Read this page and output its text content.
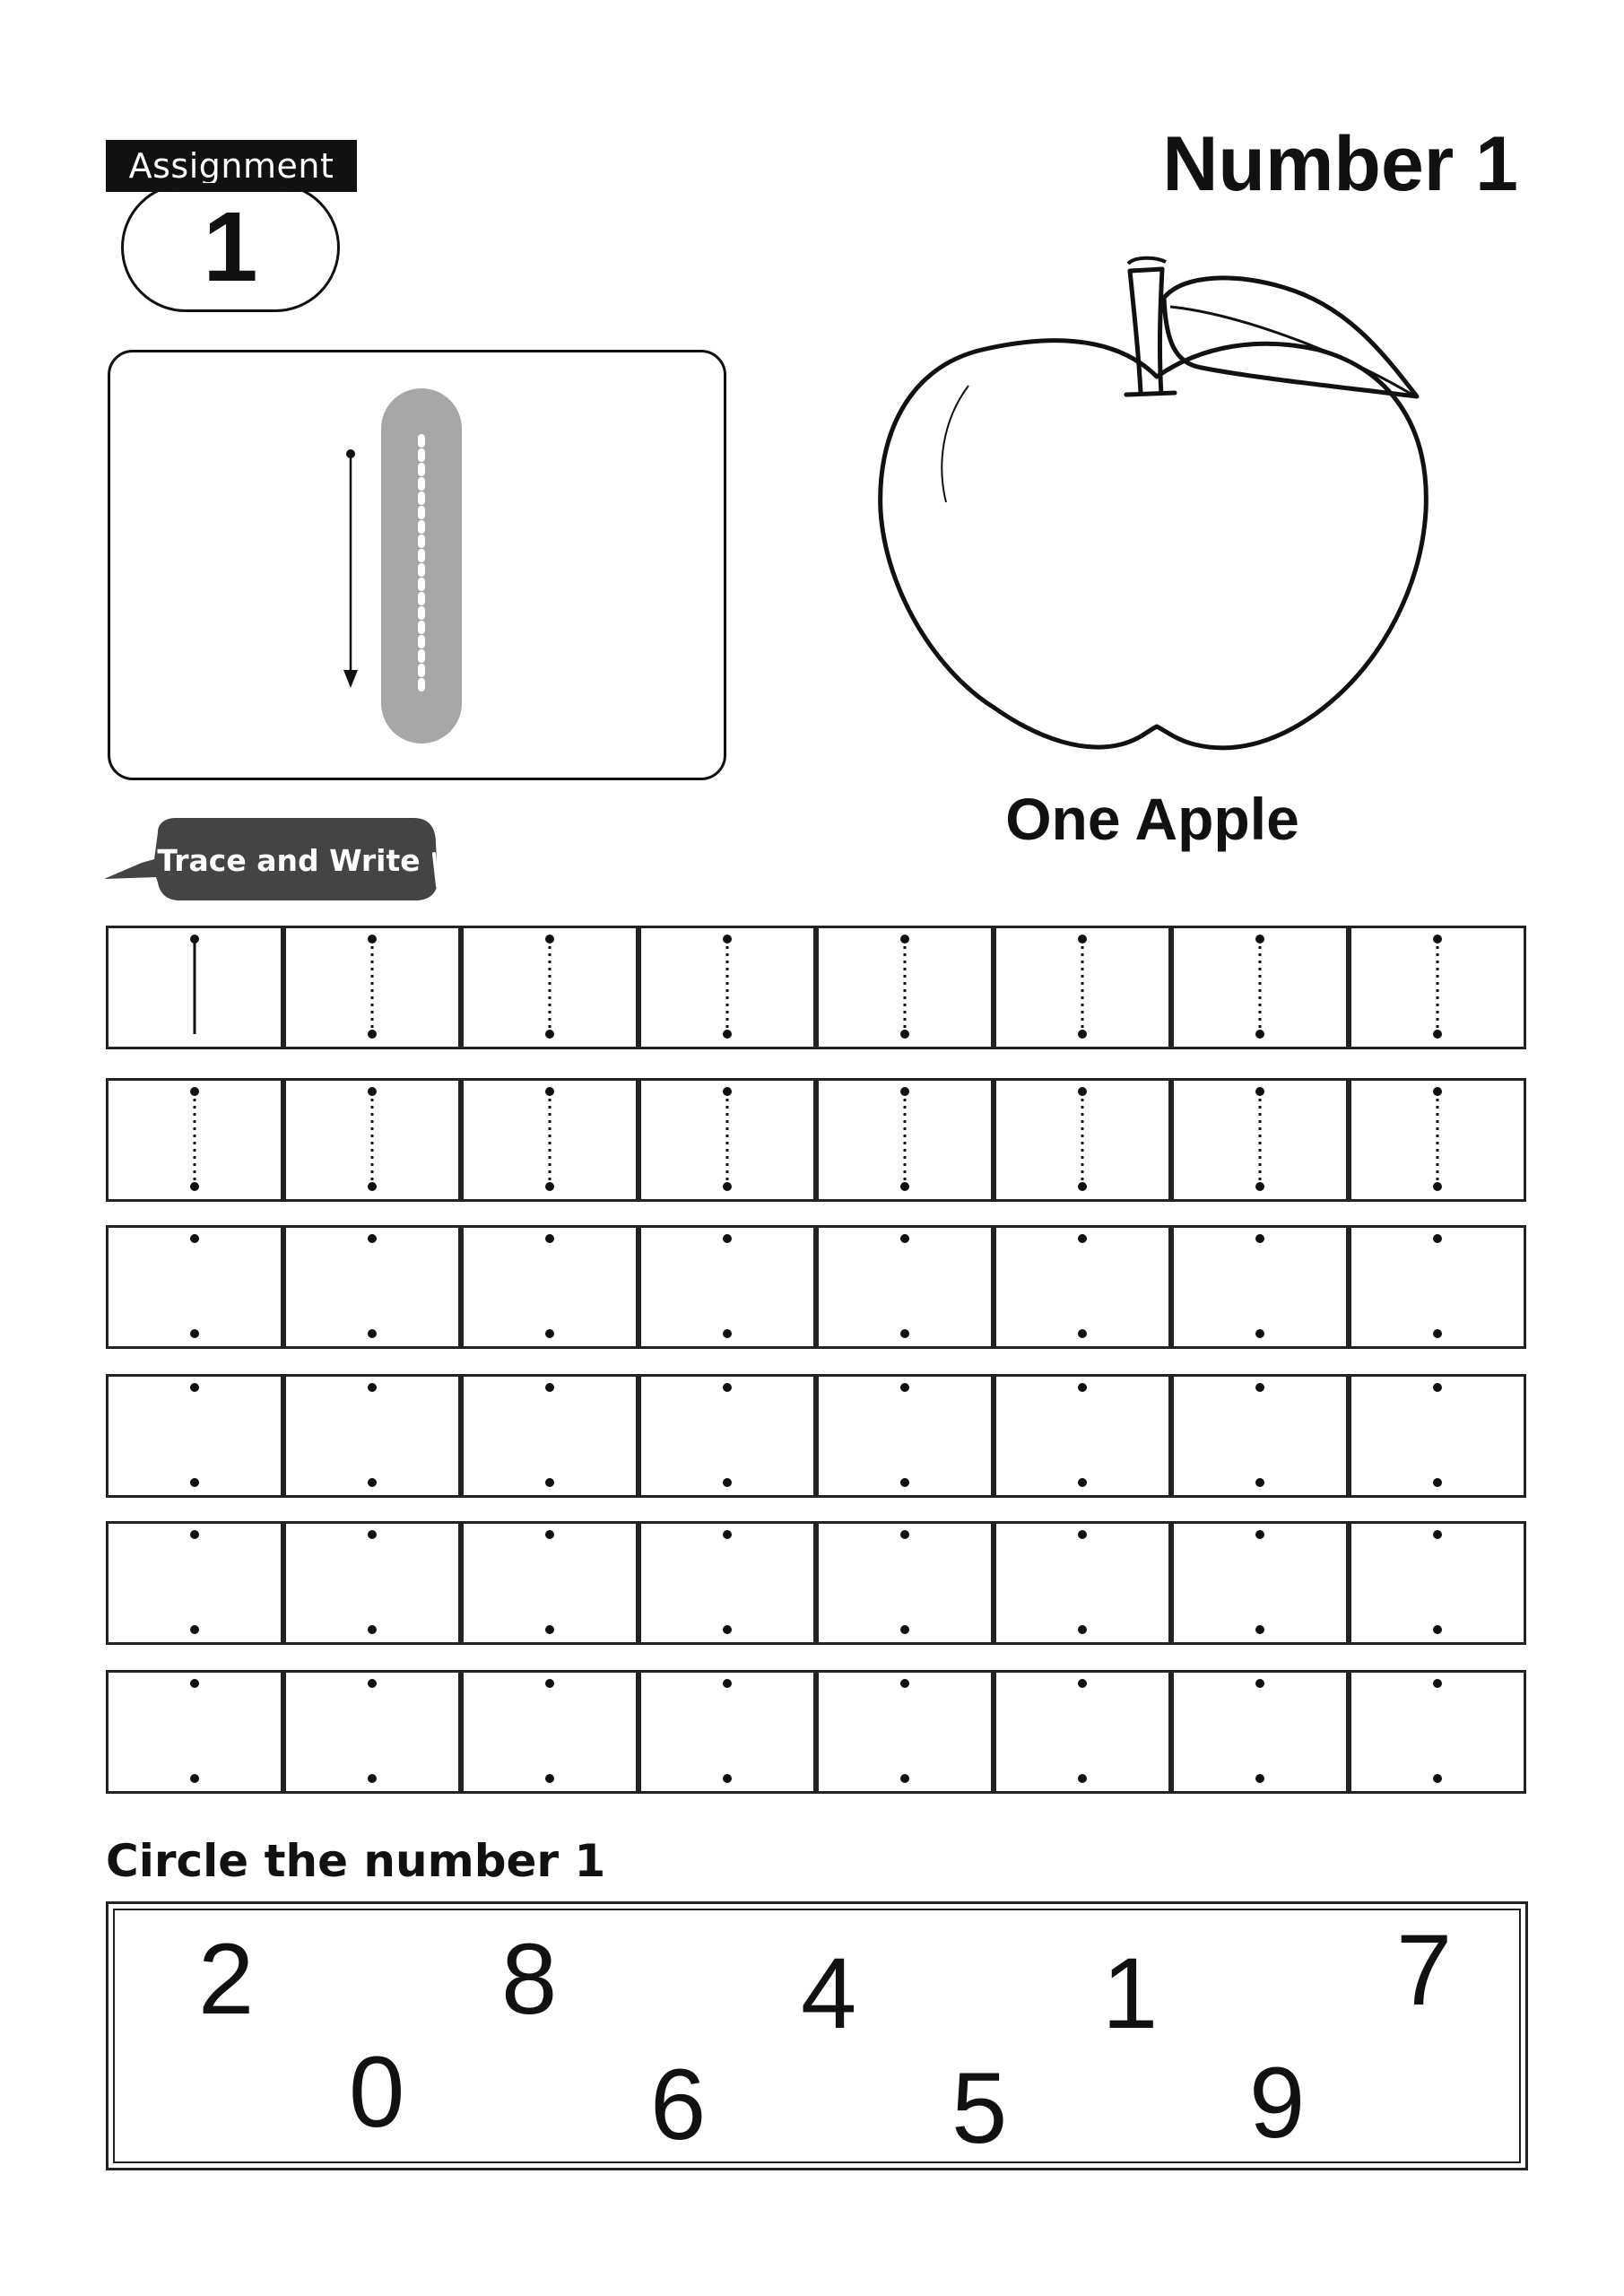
Assignment
1
Number 1
One Apple
Trace and Write
Circle the number 1
2 8 4 1 7
0 6 5 9
